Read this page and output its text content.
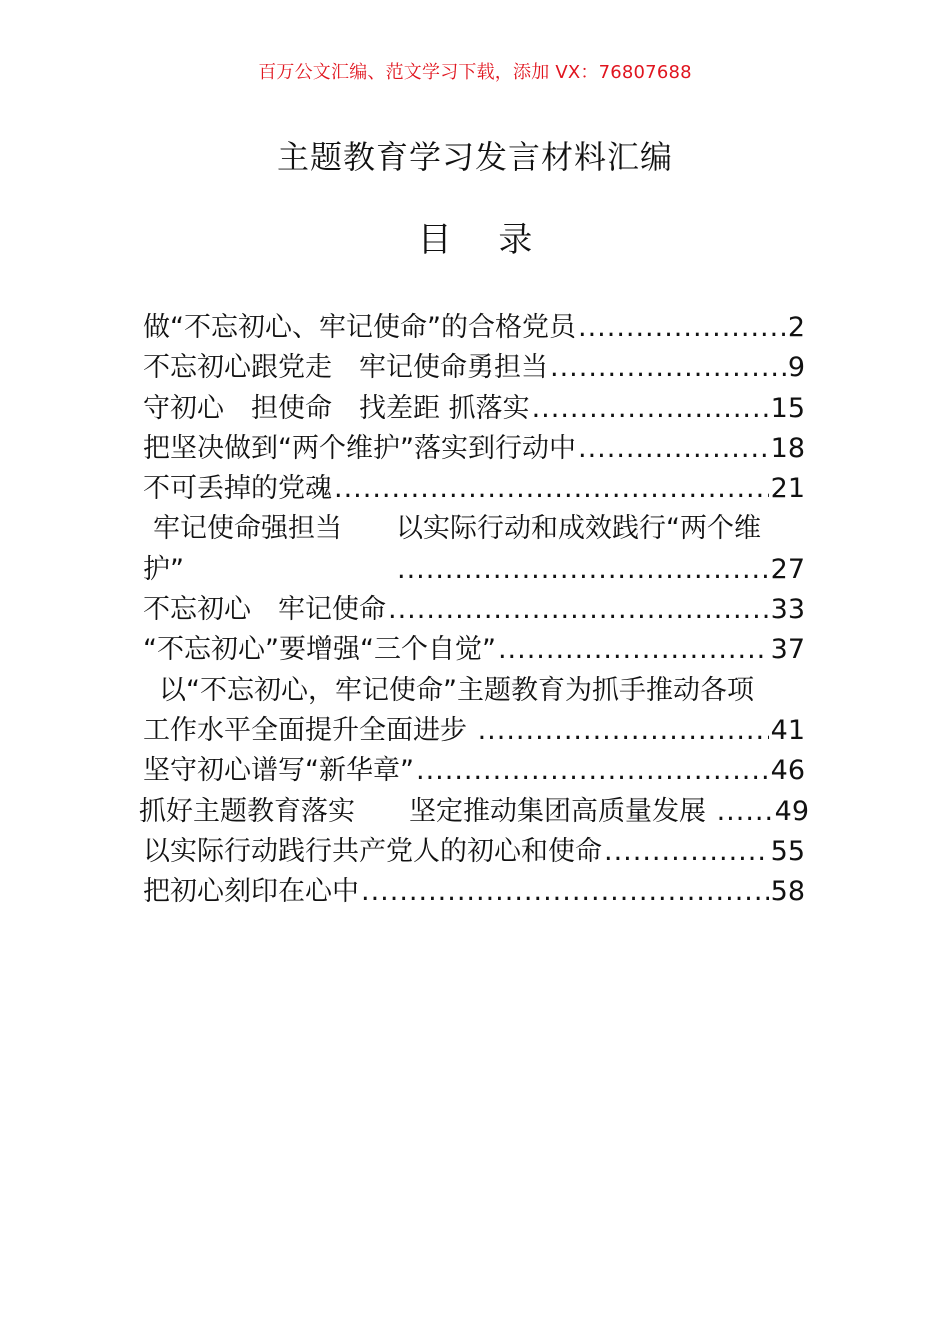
百万公文汇编、范文学习下载，添加 VX：76807688
主题教育学习发言材料汇编
目 录
做“不忘初心、牢记使命”的合格党员 .....	2
不忘初心跟党走　牢记使命勇担当 .....	9
守初心　担使命　找差距 抓落实 .....	15
把坚决做到“两个维护”落实到行动中 .....	18
不可丢掉的党魂 .....	21
牢记使命强担当　　以实际行动和成效践行“两个维
护” .....	27
不忘初心　牢记使命 .....	33
“不忘初心”要增强“三个自觉” .....	37
以“不忘初心，牢记使命”主题教育为抓手推动各项
工作水平全面提升全面进步 .....	41
坚守初心谱写“新华章” .....	46
抓好主题教育落实　　坚定推动集团高质量发展 ..... 49
以实际行动践行共产党人的初心和使命 .....	55
把初心刻印在心中 .....	58
